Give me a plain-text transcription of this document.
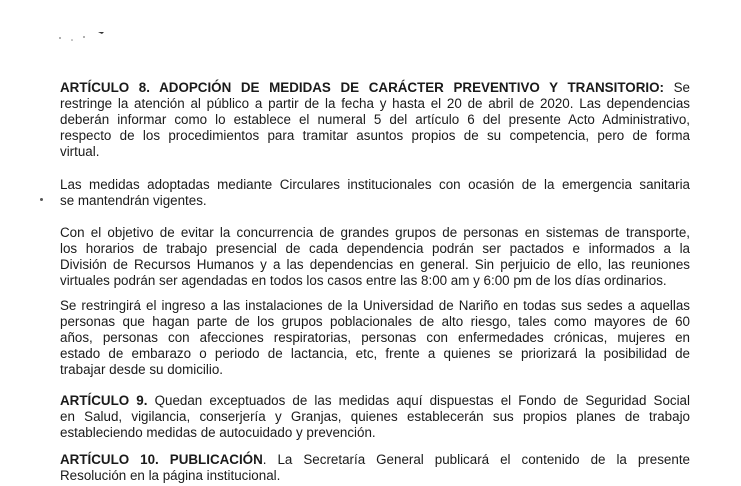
ARTÍCULO 8. ADOPCIÓN DE MEDIDAS DE CARÁCTER PREVENTIVO Y TRANSITORIO: Se
restringe la atención al público a partir de la fecha y hasta el 20 de abril de 2020. Las dependencias
deberán informar como lo establece el numeral 5 del artículo 6 del presente Acto Administrativo,
respecto de los procedimientos para tramitar asuntos propios de su competencia, pero de forma
virtual.
Las medidas adoptadas mediante Circulares institucionales con ocasión de la emergencia sanitaria
se mantendrán vigentes.
Con el objetivo de evitar la concurrencia de grandes grupos de personas en sistemas de transporte,
los horarios de trabajo presencial de cada dependencia podrán ser pactados e informados a la
División de Recursos Humanos y a las dependencias en general. Sin perjuicio de ello, las reuniones
virtuales podrán ser agendadas en todos los casos entre las 8:00 am y 6:00 pm de los días ordinarios.
Se restringirá el ingreso a las instalaciones de la Universidad de Nariño en todas sus sedes a aquellas
personas que hagan parte de los grupos poblacionales de alto riesgo, tales como mayores de 60
años, personas con afecciones respiratorias, personas con enfermedades crónicas, mujeres en
estado de embarazo o periodo de lactancia, etc, frente a quienes se priorizará la posibilidad de
trabajar desde su domicilio.
ARTÍCULO 9. Quedan exceptuados de las medidas aquí dispuestas el Fondo de Seguridad Social
en Salud, vigilancia, conserjería y Granjas, quienes establecerán sus propios planes de trabajo
estableciendo medidas de autocuidado y prevención.
ARTÍCULO 10. PUBLICACIÓN. La Secretaría General publicará el contenido de la presente
Resolución en la página institucional.
